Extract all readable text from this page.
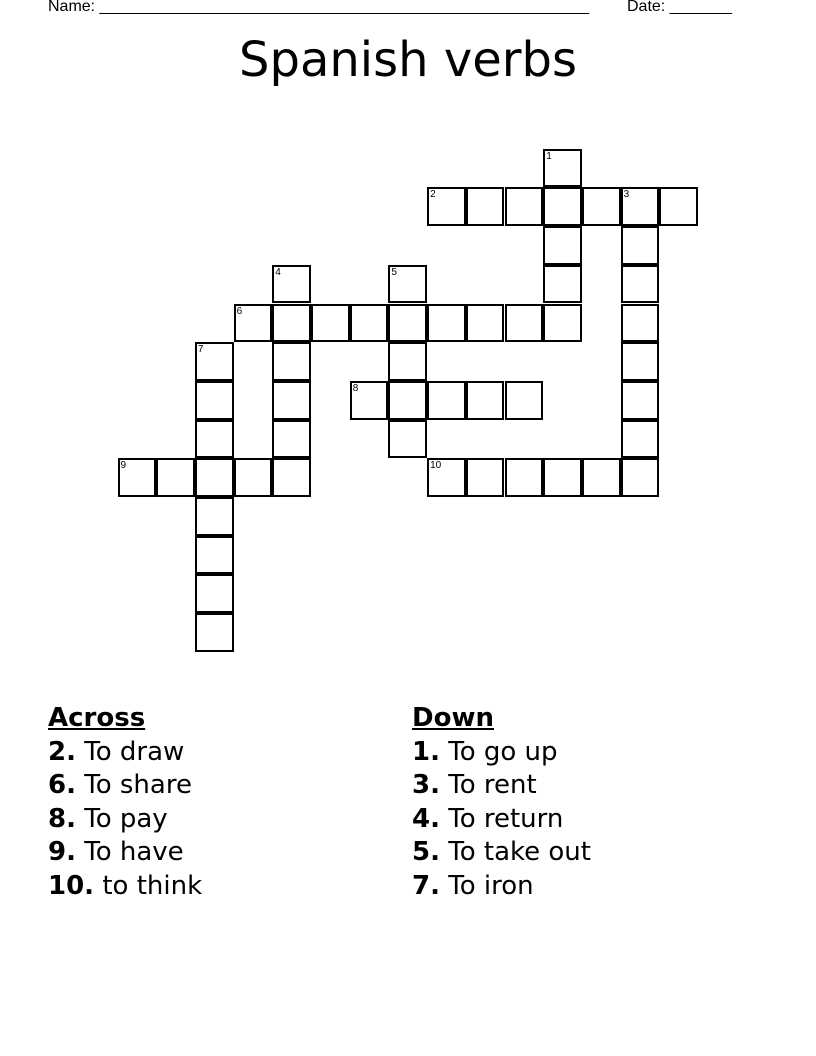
Name: _______________________________________________________ Date: _______
Spanish verbs
1
2	3
4	5
6
7
8
9	10
Across
2. To draw
6. To share
8. To pay
9. To have
10. to think
Down
1. To go up
3. To rent
4. To return
5. To take out
7. To iron
